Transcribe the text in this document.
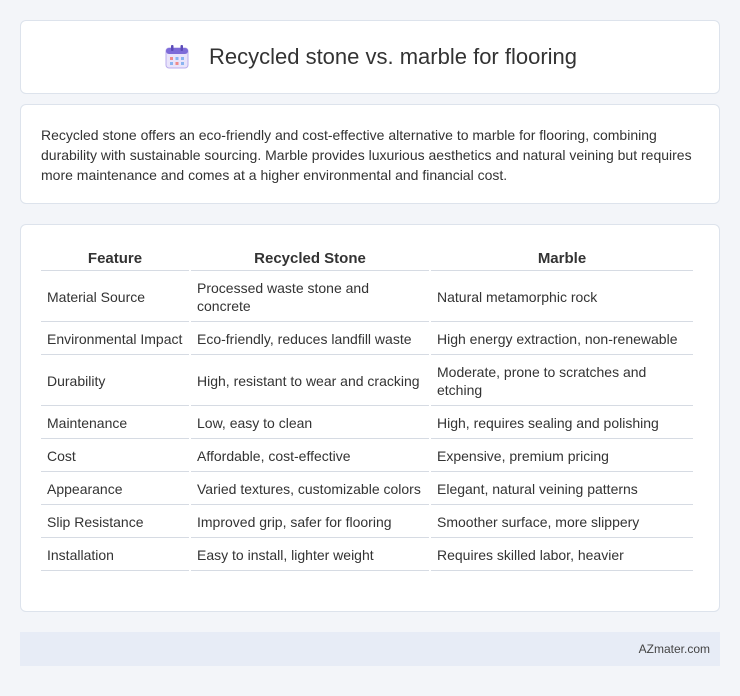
Recycled stone vs. marble for flooring

Recycled stone offers an eco-friendly and cost-effective alternative to marble for flooring, combining durability with sustainable sourcing. Marble provides luxurious aesthetics and natural veining but requires more maintenance and comes at a higher environmental and financial cost.

Feature	Recycled Stone	Marble
Material Source	Processed waste stone and concrete	Natural metamorphic rock
Environmental Impact	Eco-friendly, reduces landfill waste	High energy extraction, non-renewable
Durability	High, resistant to wear and cracking	Moderate, prone to scratches and etching
Maintenance	Low, easy to clean	High, requires sealing and polishing
Cost	Affordable, cost-effective	Expensive, premium pricing
Appearance	Varied textures, customizable colors	Elegant, natural veining patterns
Slip Resistance	Improved grip, safer for flooring	Smoother surface, more slippery
Installation	Easy to install, lighter weight	Requires skilled labor, heavier
AZmater.com
